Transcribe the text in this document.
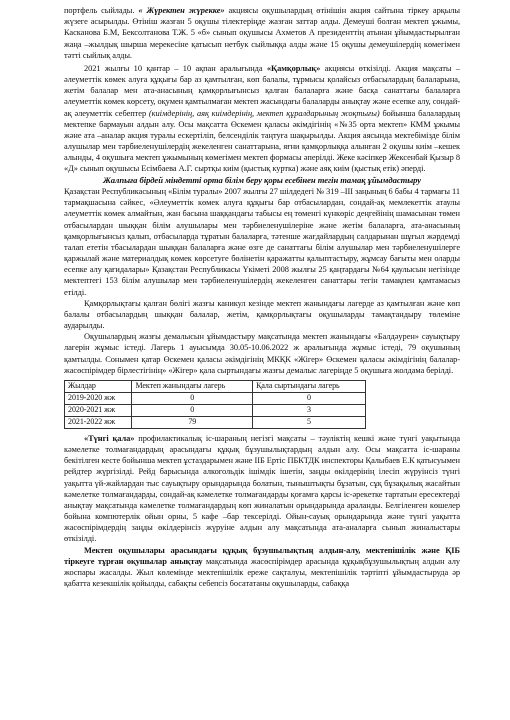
портфель сыйлады. « Жүректен жүрекке» акциясы оқушылардың өтінішін акция сайтына тіркеу арқылы жүзеге асырылды. Өтініш жазған 5 оқушы тілектеріңде жазған заттар алды. Демеуші болған мектеп ұжымы, Касканова Б.М, Бексолтанова Т.Ж. 5 «б» сынып оқушысы Ахметов А президенттің атынан ұйымдастырылған жаңа –жылдық шырша мерекесіне қатысып нетбук сыйлыққа алды және 15 оқушы демеушілердің көмегімен тәтті сыйлық алды.

2021 жылғы 10 қантар – 10 ақпан аралығында «Қамқорлық» акциясы өткізілді. Акция мақсаты – әлеуметтік көмек алуға құқығы бар аз қамтылған, көп балалы, тұрмысы қолайсыз отбасылардың балаларына, жетім балалар мен ата-анасының қамқорлығынсыз қалған балаларға және басқа санаттағы балаларға әлеуметтік көмек көрсету, оқумен қамтылмаған мектеп жасындағы балаларды анықтау және есепке алу, сондай-ақ әлеуметтік себептер (киімдерінің, аяқ киімдерінің, мектеп құралдарының жоқтығы) бойынша балалардың мектепке бармауын алдын алу. Осы мақсатта Өскемен қаласы әкімдігінің «№35 орта мектеп» КММ ұжымы және ата –аналар акция туралы ескертіліп, белсенділік таңтуға шақырылды. Акция аясында мектебімізде білім алушылар мен тәрбиеленушілердің жекеленген санаттарына, яғни қамқорлыққа алынған 2 оқушы киім –кешек алынды, 4 оқушыға мектеп ұжымының көмегімен мектеп формасы әперілді. Жеке кәсіпкер Жексенбай Қызыр 8 «Д» сынып оқушысы Есімбаева А.Г. сыртқы киім (қыстық куртка) және аяқ киім (қыстық етік) әперді.

Жалпыға бірдей міндетті орта білім беру қоры есебінен тегін тамақ ұйымдастыру

Қазақстан Республикасының «Білім туралы» 2007 жылғы 27 шілдедегі № 319 –ІІІ заңының 6 бабы 4 тармағы 11 тармақшасына сәйкес, «Әлеуметтік көмек алуға құқығы бар отбасылардан, сондай-ақ мемлекеттік атаулы әлеуметтік көмек алмайтын, жан басына шаққандағы табысы ең төменгі күнкөріс деңгейінің шамасынан төмен отбасылардан шыққан білім алушылары мен тәрбиеленушілеріне және жетім балаларға, ата-анасының қамқорлығынсыз қалып, отбасыларда тұратын балаларға, тәтенше жағдайлардың салдарынан шұғыл жәрдемді талап ететін тбасылардан шыққан балаларға және өзге де санаттағы білім алушылар мен тәрбиеленушілерге қаржылай және материалдық көмек көрсетуге бөлінетін қаражатты қалыптастыру, жұмсау бағыты мен оларды есепке алу қағидалары» Қазақстан Республикасы Үкіметі 2008 жылғы 25 қаңтардағы №64 қаулысын негізінде мектептегі 153 білім алушылар мен тәрбиеленушілердің жекеленген санаттары тегін тамақпен қамтамасыз етілді.

Қамқорлықтағы қалған бөлігі жазғы каникул кезінде мектеп жанындағы лагерде аз қамтылған және көп балалы отбасылардың шыққан балалар, жетім, қамқорлықтағы оқушыларды тамақтандыру төлеміне аударылды.

Оқушылардың жазғы демалысын ұйымдастыру мақсатында мектеп жанындағы «Балдәурен» сауықтыру лагерін жұмыс істеді. Лагерь 1 ауысымда 30.05-10.06.2022 ж аралығында жұмыс істеді, 79 оқушының қамтылды. Сонымен қатар Өскемен қаласы әкімдігінің МКҚК «Жігер» Өскемен қаласы әкімдігінің балалар-жасөспірімдер бірлестігінің» «Жігер» қала сыртындағы жазғы демалыс лагеріңде 5 оқушыға жолдама берілді.

Жылдар	Мектеп жанындағы лагерь	Қала сыртындағы лагерь
2019-2020 жж	0	0
2020-2021 жж	0	3
2021-2022 жж	79	5

«Түнгі қала» профилактикалық іс-шараның негізгі мақсаты – тәуліктің кешкі және түнгі уақытында кәмелетке толмағандардың арасындағы құқық бұзушылықтардың алдын алу. Осы мақсатта іс-шараны бекітілген кесте бойынша мектеп ұстаздарымен және ІІБ Ертіс ПБКТДК инспекторы Қалыбаев Е.К қатысуымен рейдтер жүргізілді. Рейд барысында алкогольдік ішімдік ішетін, заңды өкілдерінің ілесіп жүруінсіз түнгі уақытта үй-жайлардан тыс сауықтыру орындарында болатын, тыныштықты бұзатын, сұқ бұзақылық жасайтын кәмелетке толмағандарды, сондай-ақ кәмелетке толмағандарды қоғамға қарсы іс-әрекетке тартатын ересектерді анықтау мақсатында кәмелетке толмағандардың көп жиналатын орындарында араланды. Белгіленген көшелер бойына компютерлік ойын орны, 5 кафе –бар тексерілді. Ойын-сауық орындарында және түнгі уақытта жасөспірімдердің заңды өкілдерінсіз жүруіне алдын алу мақсатында ата-аналарға сынып жиналыстары өткізілді.

Мектеп оқушылары арасындағы құқық бұзушылықтың алдын-алу, мектепішілік және ҚІБ тіркеуге тұрған оқушылар анықтау мақсатында жасөспірімдер арасында құқықбұзушылықтың алдын алу жоспары жасалды. Жыл көлемінде мектепішілік ереже сақталуы, мектепішілік тәртіпті ұйымдастыруда әр қабатта кезекшілік қойылды, сабақты себепсіз босататаны оқушыларды, сабаққа
